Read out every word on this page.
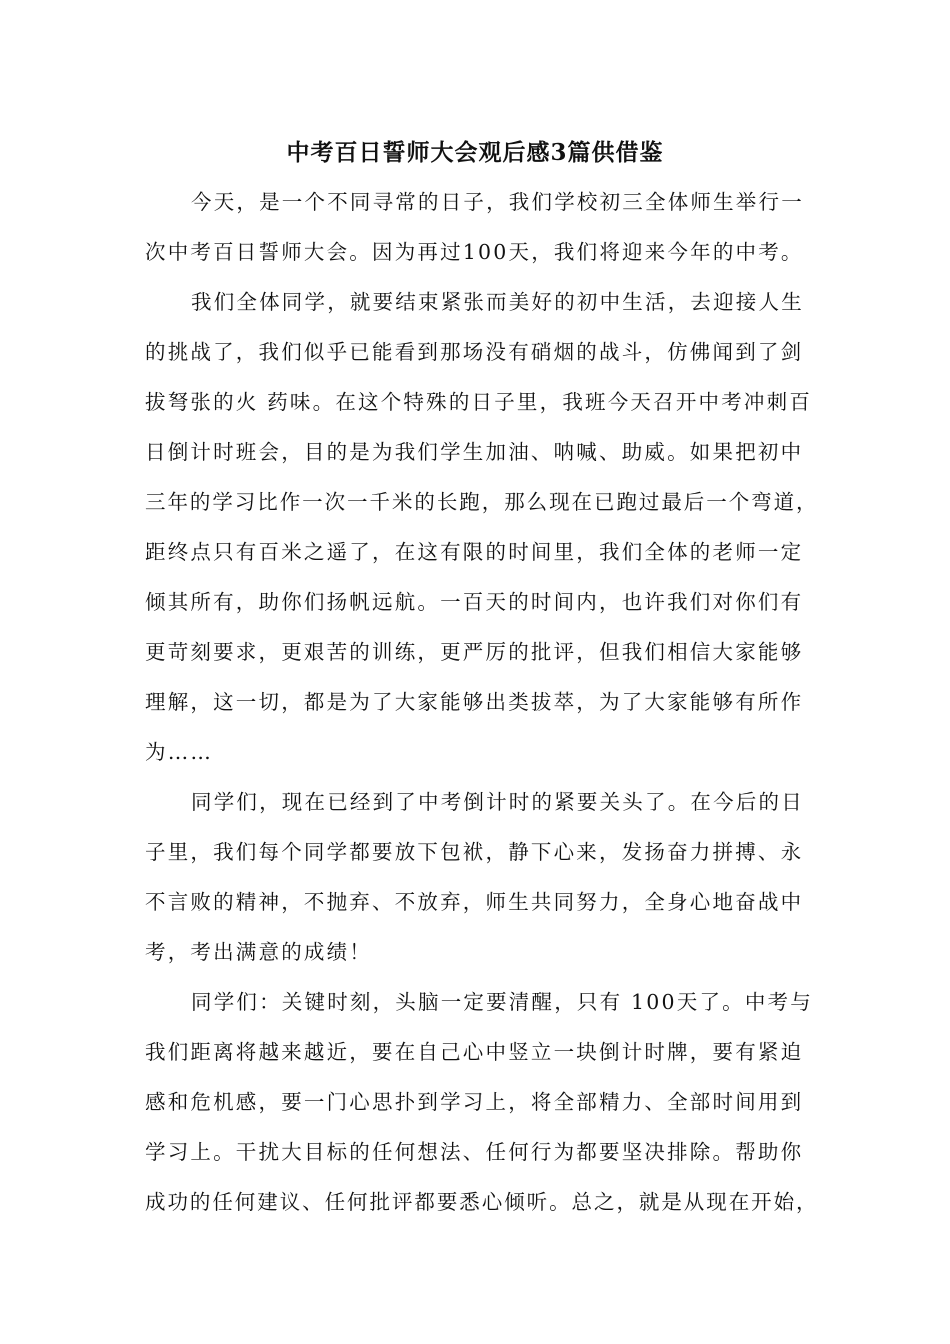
中考百日誓师大会观后感3篇供借鉴
今天，是一个不同寻常的日子，我们学校初三全体师生举行一
次中考百日誓师大会。因为再过100天，我们将迎来今年的中考。
我们全体同学，就要结束紧张而美好的初中生活，去迎接人生
的挑战了，我们似乎已能看到那场没有硝烟的战斗，仿佛闻到了剑
拔弩张的火 药味。在这个特殊的日子里，我班今天召开中考冲刺百
日倒计时班会，目的是为我们学生加油、呐喊、助威。如果把初中
三年的学习比作一次一千米的长跑，那么现在已跑过最后一个弯道，
距终点只有百米之遥了，在这有限的时间里，我们全体的老师一定
倾其所有，助你们扬帆远航。一百天的时间内，也许我们对你们有
更苛刻要求，更艰苦的训练，更严厉的批评，但我们相信大家能够
理解，这一切，都是为了大家能够出类拔萃，为了大家能够有所作
为……
同学们，现在已经到了中考倒计时的紧要关头了。在今后的日
子里，我们每个同学都要放下包袱，静下心来，发扬奋力拼搏、永
不言败的精神，不抛弃、不放弃，师生共同努力，全身心地奋战中
考，考出满意的成绩！
同学们：关键时刻，头脑一定要清醒，只有 100天了。中考与
我们距离将越来越近，要在自己心中竖立一块倒计时牌，要有紧迫
感和危机感，要一门心思扑到学习上，将全部精力、全部时间用到
学习上。干扰大目标的任何想法、任何行为都要坚决排除。帮助你
成功的任何建议、任何批评都要悉心倾听。总之，就是从现在开始，
